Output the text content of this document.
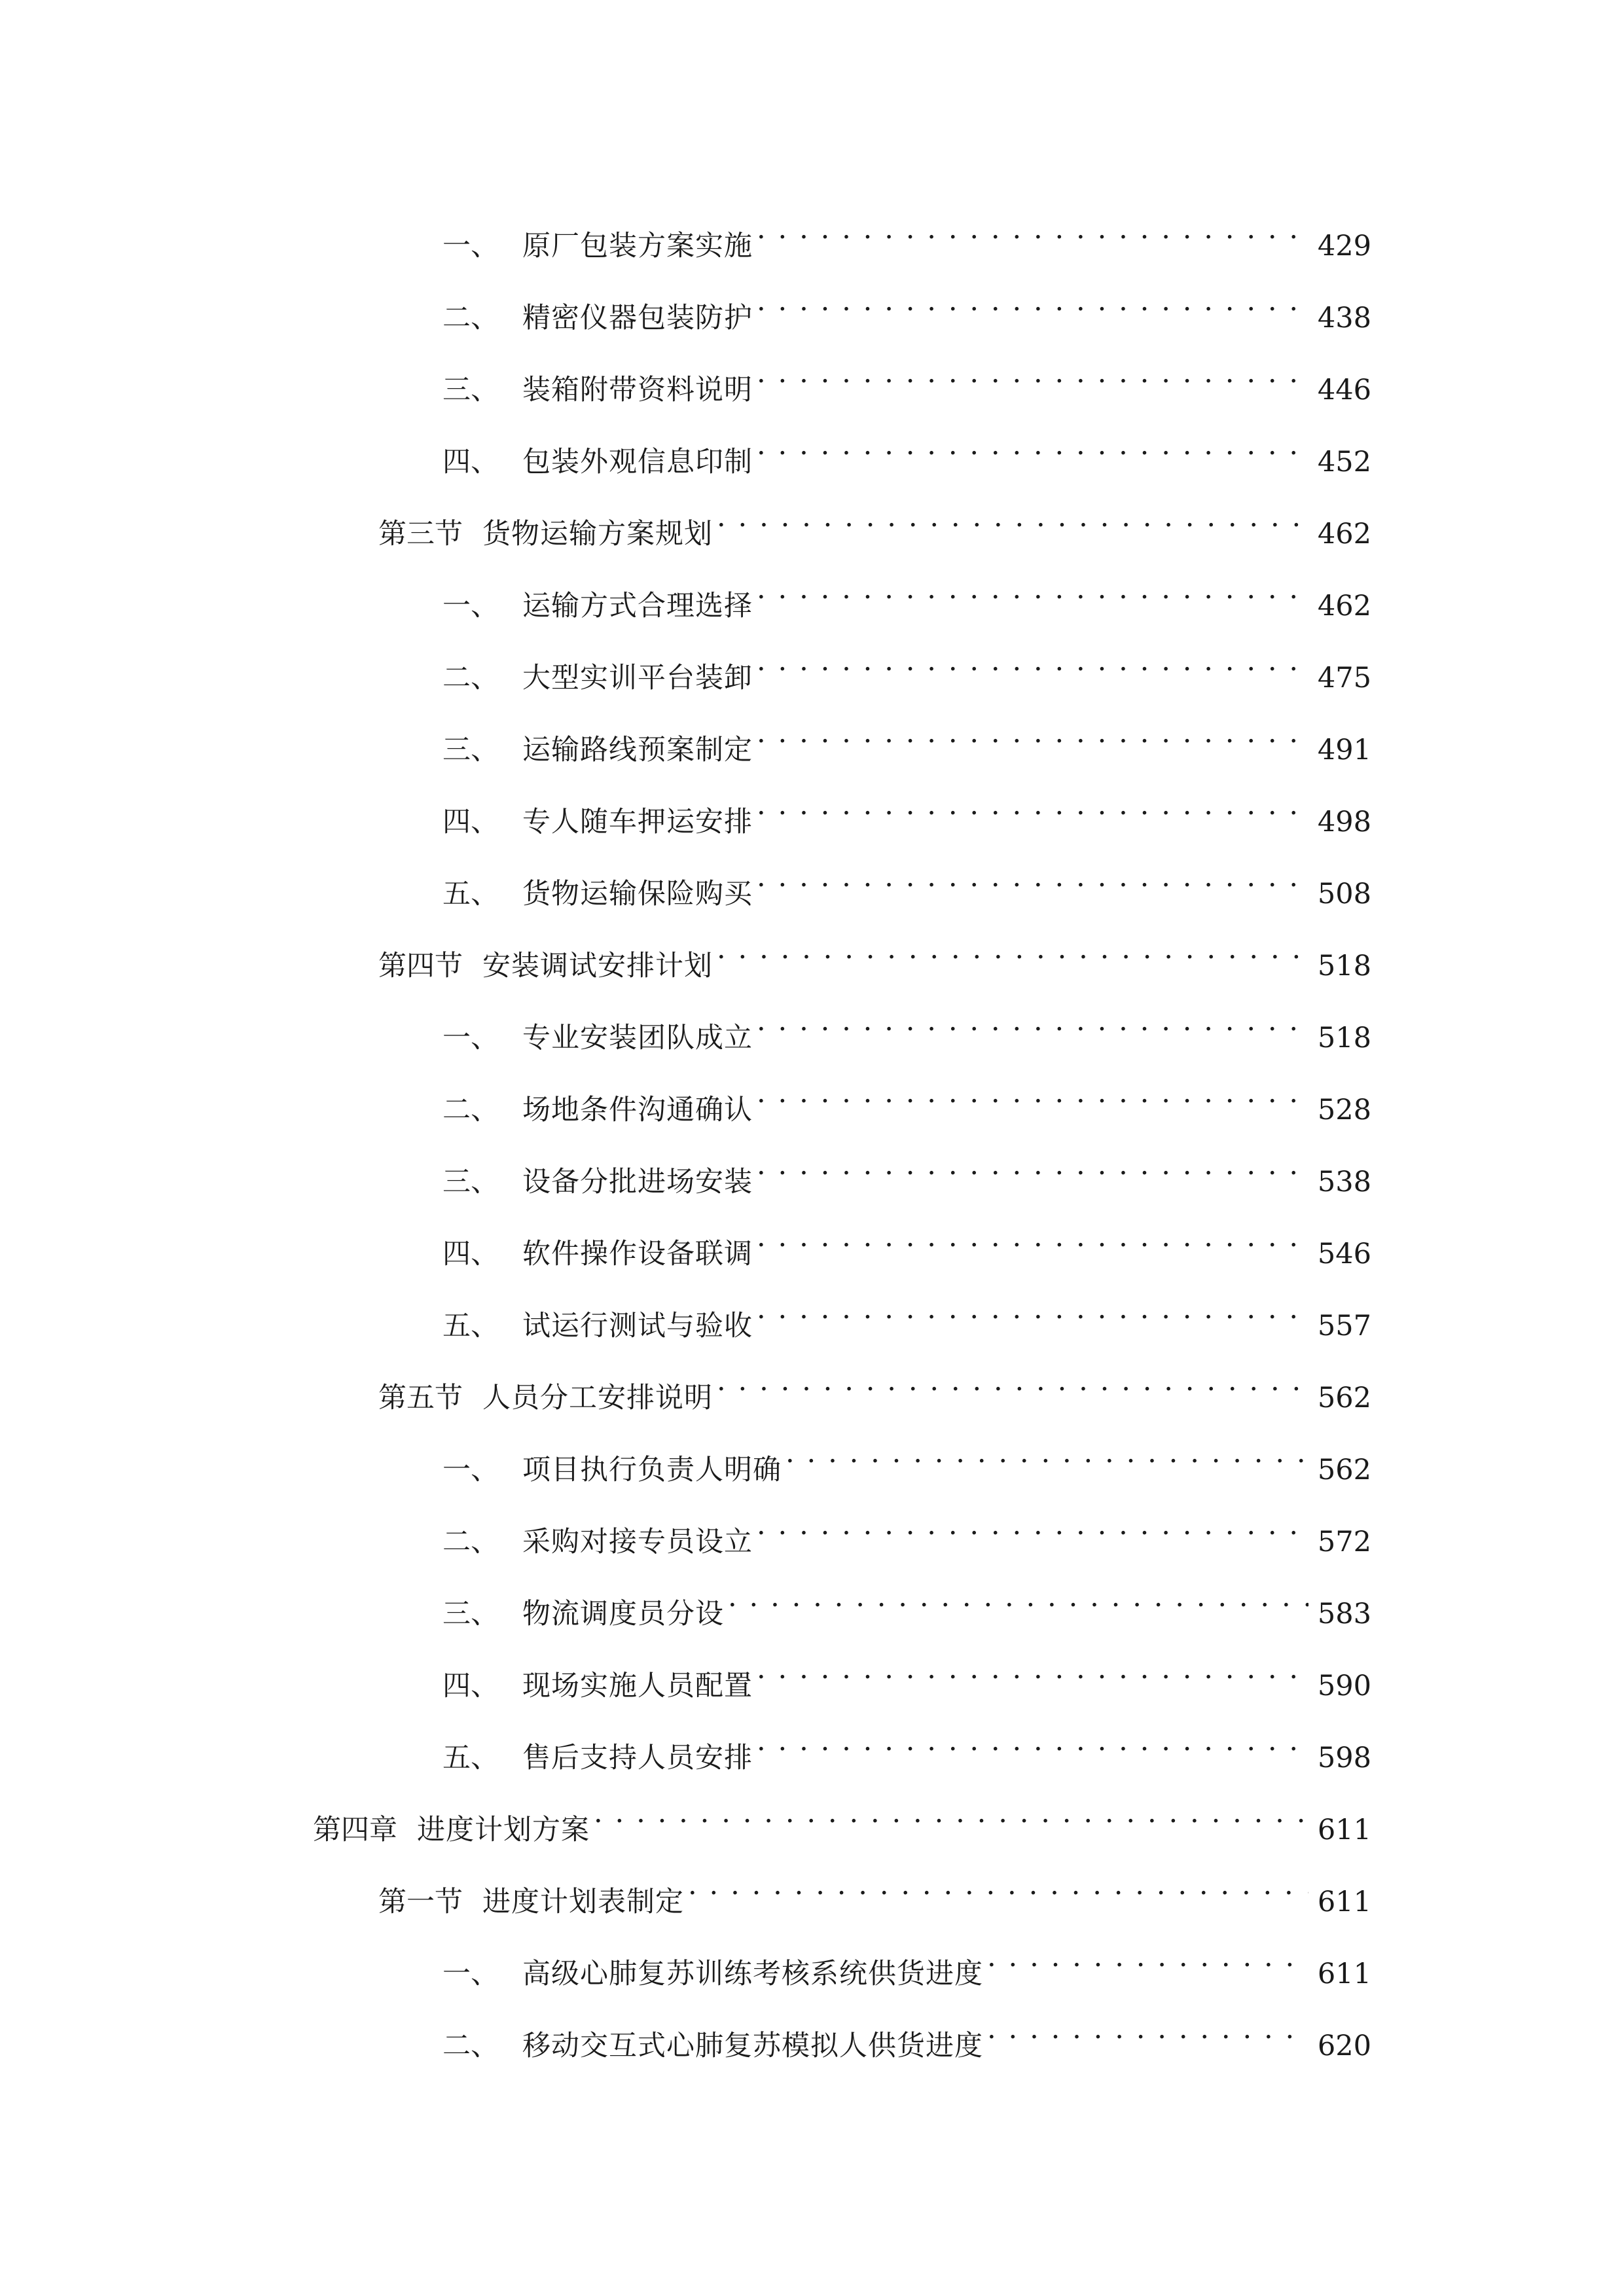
一、 原厂包装方案实施 . . .	429
二、 精密仪器包装防护 . . .	438
三、 装箱附带资料说明 . . .	446
四、 包装外观信息印制 . . .	452
第三节 货物运输方案规划 . . .	462
一、 运输方式合理选择 . . .	462
二、 大型实训平台装卸 . . .	475
三、 运输路线预案制定 . . .	491
四、 专人随车押运安排 . . .	498
五、 货物运输保险购买 . . .	508
第四节 安装调试安排计划 . . .	518
一、 专业安装团队成立 . . .	518
二、 场地条件沟通确认 . . .	528
三、 设备分批进场安装 . . .	538
四、 软件操作设备联调 . . .	546
五、 试运行测试与验收 . . .	557
第五节 人员分工安排说明 . . .	562
一、 项目执行负责人明确 . . .	562
二、 采购对接专员设立 . . .	572
三、 物流调度员分设 . . .	583
四、 现场实施人员配置 . . .	590
五、 售后支持人员安排 . . .	598
第四章 进度计划方案 . . .	611
第一节 进度计划表制定 . . .	611
一、 高级心肺复苏训练考核系统供货进度 . . .	611
二、 移动交互式心肺复苏模拟人供货进度 . . .	620
